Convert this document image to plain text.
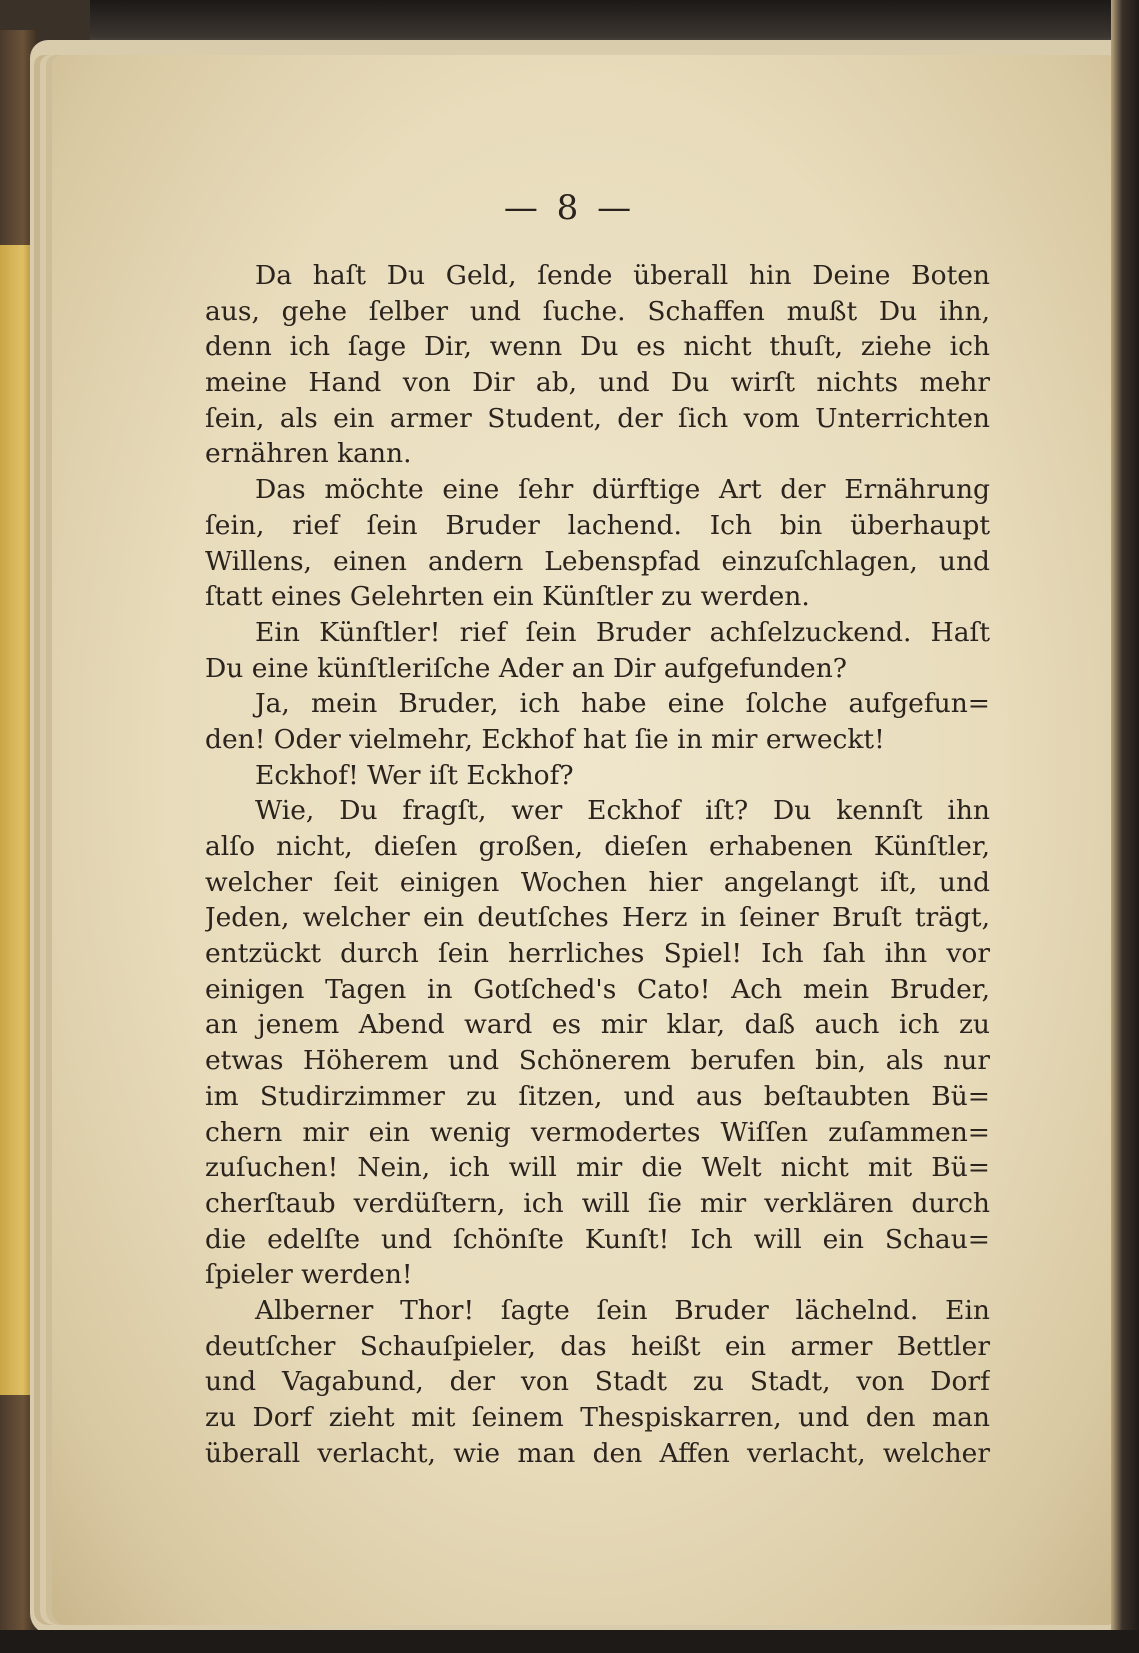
— 8 —
Da haſt Du Geld, ſende überall hin Deine Boten
aus, gehe ſelber und ſuche. Schaffen mußt Du ihn,
denn ich ſage Dir, wenn Du es nicht thuſt, ziehe ich
meine Hand von Dir ab, und Du wirſt nichts mehr
ſein, als ein armer Student, der ſich vom Unterrichten
ernähren kann.
Das möchte eine ſehr dürftige Art der Ernährung
ſein, rief ſein Bruder lachend. Ich bin überhaupt
Willens, einen andern Lebenspfad einzuſchlagen, und
ſtatt eines Gelehrten ein Künſtler zu werden.
Ein Künſtler! rief ſein Bruder achſelzuckend. Haſt
Du eine künſtleriſche Ader an Dir aufgefunden?
Ja, mein Bruder, ich habe eine ſolche aufgefun=
den! Oder vielmehr, Eckhof hat ſie in mir erweckt!
Eckhof! Wer iſt Eckhof?
Wie, Du fragſt, wer Eckhof iſt? Du kennſt ihn
alſo nicht, dieſen großen, dieſen erhabenen Künſtler,
welcher ſeit einigen Wochen hier angelangt iſt, und
Jeden, welcher ein deutſches Herz in ſeiner Bruſt trägt,
entzückt durch ſein herrliches Spiel! Ich ſah ihn vor
einigen Tagen in Gotſched's Cato! Ach mein Bruder,
an jenem Abend ward es mir klar, daß auch ich zu
etwas Höherem und Schönerem berufen bin, als nur
im Studirzimmer zu ſitzen, und aus beſtaubten Bü=
chern mir ein wenig vermodertes Wiſſen zuſammen=
zuſuchen! Nein, ich will mir die Welt nicht mit Bü=
cherſtaub verdüſtern, ich will ſie mir verklären durch
die edelſte und ſchönſte Kunſt! Ich will ein Schau=
ſpieler werden!
Alberner Thor! ſagte ſein Bruder lächelnd. Ein
deutſcher Schauſpieler, das heißt ein armer Bettler
und Vagabund, der von Stadt zu Stadt, von Dorf
zu Dorf zieht mit ſeinem Thespiskarren, und den man
überall verlacht, wie man den Affen verlacht, welcher
